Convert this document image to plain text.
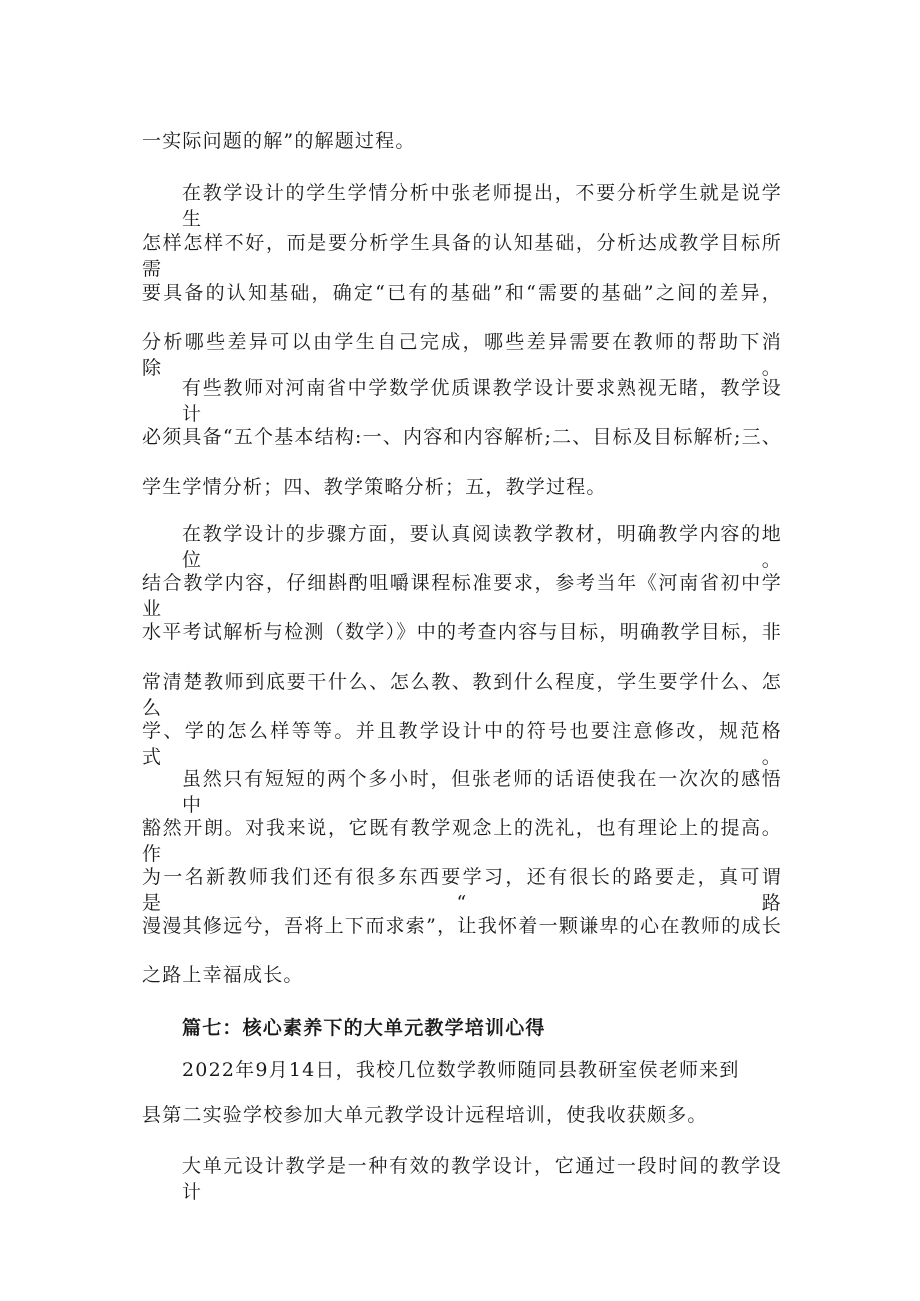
一实际问题的解”的解题过程。
在教学设计的学生学情分析中张老师提出，不要分析学生就是说学生
怎样怎样不好，而是要分析学生具备的认知基础，分析达成教学目标所需
要具备的认知基础，确定“已有的基础”和“需要的基础”之间的差异，
分析哪些差异可以由学生自己完成，哪些差异需要在教师的帮助下消除。
有些教师对河南省中学数学优质课教学设计要求熟视无睹，教学设计
必须具备“五个基本结构:一、内容和内容解析;二、目标及目标解析;三、
学生学情分析；四、教学策略分析；五，教学过程。
在教学设计的步骤方面，要认真阅读教学教材，明确教学内容的地位。
结合教学内容，仔细斟酌咀嚼课程标准要求，参考当年《河南省初中学业
水平考试解析与检测（数学）》中的考查内容与目标，明确教学目标，非
常清楚教师到底要干什么、怎么教、教到什么程度，学生要学什么、怎么
学、学的怎么样等等。并且教学设计中的符号也要注意修改，规范格式。
虽然只有短短的两个多小时，但张老师的话语使我在一次次的感悟中
豁然开朗。对我来说，它既有教学观念上的洗礼，也有理论上的提高。作
为一名新教师我们还有很多东西要学习，还有很长的路要走，真可谓是“路
漫漫其修远兮，吾将上下而求索”，让我怀着一颗谦卑的心在教师的成长
之路上幸福成长。
篇七：核心素养下的大单元教学培训心得
2022年9月14日，我校几位数学教师随同县教研室侯老师来到
县第二实验学校参加大单元教学设计远程培训，使我收获颇多。
大单元设计教学是一种有效的教学设计，它通过一段时间的教学设计
